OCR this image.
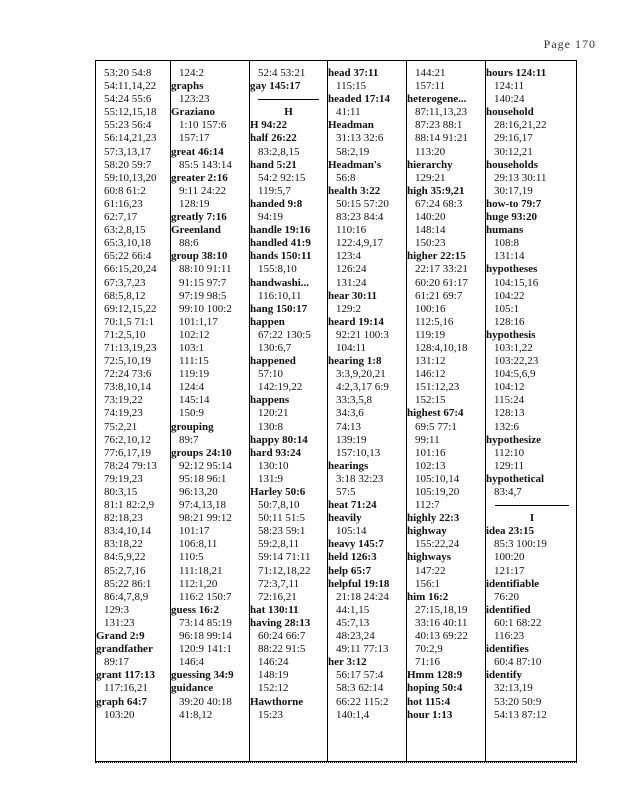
Page 170
53:20 54:8
54:11,14,22
54:24 55:6
55:12,15,18
55:23 56:4
56:14,21,23
57:3,13,17
58:20 59:7
59:10,13,20
60:8 61:2
61:16,23
62:7,17
63:2,8,15
65:3,10,18
65:22 66:4
66:15,20,24
67:3,7,23
68:5,8,12
69:12,15,22
70:1,5 71:1
71:2,5,10
71:13,19,23
72:5,10,19
72:24 73:6
73:8,10,14
73:19,22
74:19,23
75:2,21
76:2,10,12
77:6,17,19
78:24 79:13
79:19,23
80:3,15
81:1 82:2,9
82:18,23
83:4,10,14
83:18,22
84:5,9,22
85:2,7,16
85:22 86:1
86:4,7,8,9
129:3
131:23
Grand 2:9
grandfather
89:17
grant 117:13
117:16,21
graph 64:7
103:20
124:2
graphs
123:23
Graziano
1:10 157:6
157:17
great 46:14
85:5 143:14
greater 2:16
9:11 24:22
128:19
greatly 7:16
Greenland
88:6
group 38:10
88:10 91:11
91:15 97:7
97:19 98:5
99:10 100:2
101:1,17
102:12
103:1
111:15
119:19
124:4
145:14
150:9
grouping
89:7
groups 24:10
92:12 95:14
95:18 96:1
96:13,20
97:4,13,18
98:21 99:12
101:17
106:8,11
110:5
111:18,21
112:1,20
116:2 150:7
guess 16:2
73:14 85:19
96:18 99:14
120:9 141:1
146:4
guessing 34:9
guidance
39:20 40:18
41:8,12
52:4 53:21
gay 145:17
H
H 94:22
half 26:22
83:2,8,15
hand 5:21
54:2 92:15
119:5,7
handed 9:8
94:19
handle 19:16
handled 41:9
hands 150:11
155:8,10
handwashi...
116:10,11
hang 150:17
happen
67:22 130:5
130:6,7
happened
57:10
142:19,22
happens
120:21
130:8
happy 80:14
hard 93:24
130:10
131:9
Harley 50:6
50:7,8,10
50:11 51:5
58:23 59:1
59:2,8,11
59:14 71:11
71:12,18,22
72:3,7,11
72:16,21
hat 130:11
having 28:13
60:24 66:7
88:22 91:5
146:24
148:19
152:12
Hawthorne
15:23
head 37:11
115:15
headed 17:14
41:11
Headman
31:13 32:6
58:2,19
Headman's
56:8
health 3:22
50:15 57:20
83:23 84:4
110:16
122:4,9,17
123:4
126:24
131:24
hear 30:11
129:2
heard 19:14
92:21 100:3
104:11
hearing 1:8
3:3,9,20,21
4:2,3,17 6:9
33:3,5,8
34:3,6
74:13
139:19
157:10,13
hearings
3:18 32:23
57:5
heat 71:24
heavily
105:14
heavy 145:7
held 126:3
help 65:7
helpful 19:18
21:18 24:24
44:1,15
45:7,13
48:23,24
49:11 77:13
her 3:12
56:17 57:4
58:3 62:14
66:22 115:2
140:1,4
144:21
157:11
heterogene...
87:11,13,23
87:23 88:1
88:14 91:21
113:20
hierarchy
129:21
high 35:9,21
67:24 68:3
140:20
148:14
150:23
higher 22:15
22:17 33:21
60:20 61:17
61:21 69:7
100:16
112:5,16
119:19
128:4,10,18
131:12
146:12
151:12,23
152:15
highest 67:4
69:5 77:1
99:11
101:16
102:13
105:10,14
105:19,20
112:7
highly 22:3
highway
155:22,24
highways
147:22
156:1
him 16:2
27:15,18,19
33:16 40:11
40:13 69:22
70:2,9
71:16
Hmm 128:9
hoping 50:4
hot 115:4
hour 1:13
hours 124:11
124:11
140:24
household
28:16,21,22
29:16,17
30:12,21
households
29:13 30:11
30:17,19
how-to 79:7
huge 93:20
humans
108:8
131:14
hypotheses
104:15,16
104:22
105:1
128:16
hypothesis
103:1,22
103:22,23
104:5,6,9
104:12
115:24
128:13
132:6
hypothesize
112:10
129:11
hypothetical
83:4,7
I
idea 23:15
85:3 100:19
100:20
121:17
identifiable
76:20
identified
60:1 68:22
116:23
identifies
60:4 87:10
identify
32:13,19
53:20 50:9
54:13 87:12
